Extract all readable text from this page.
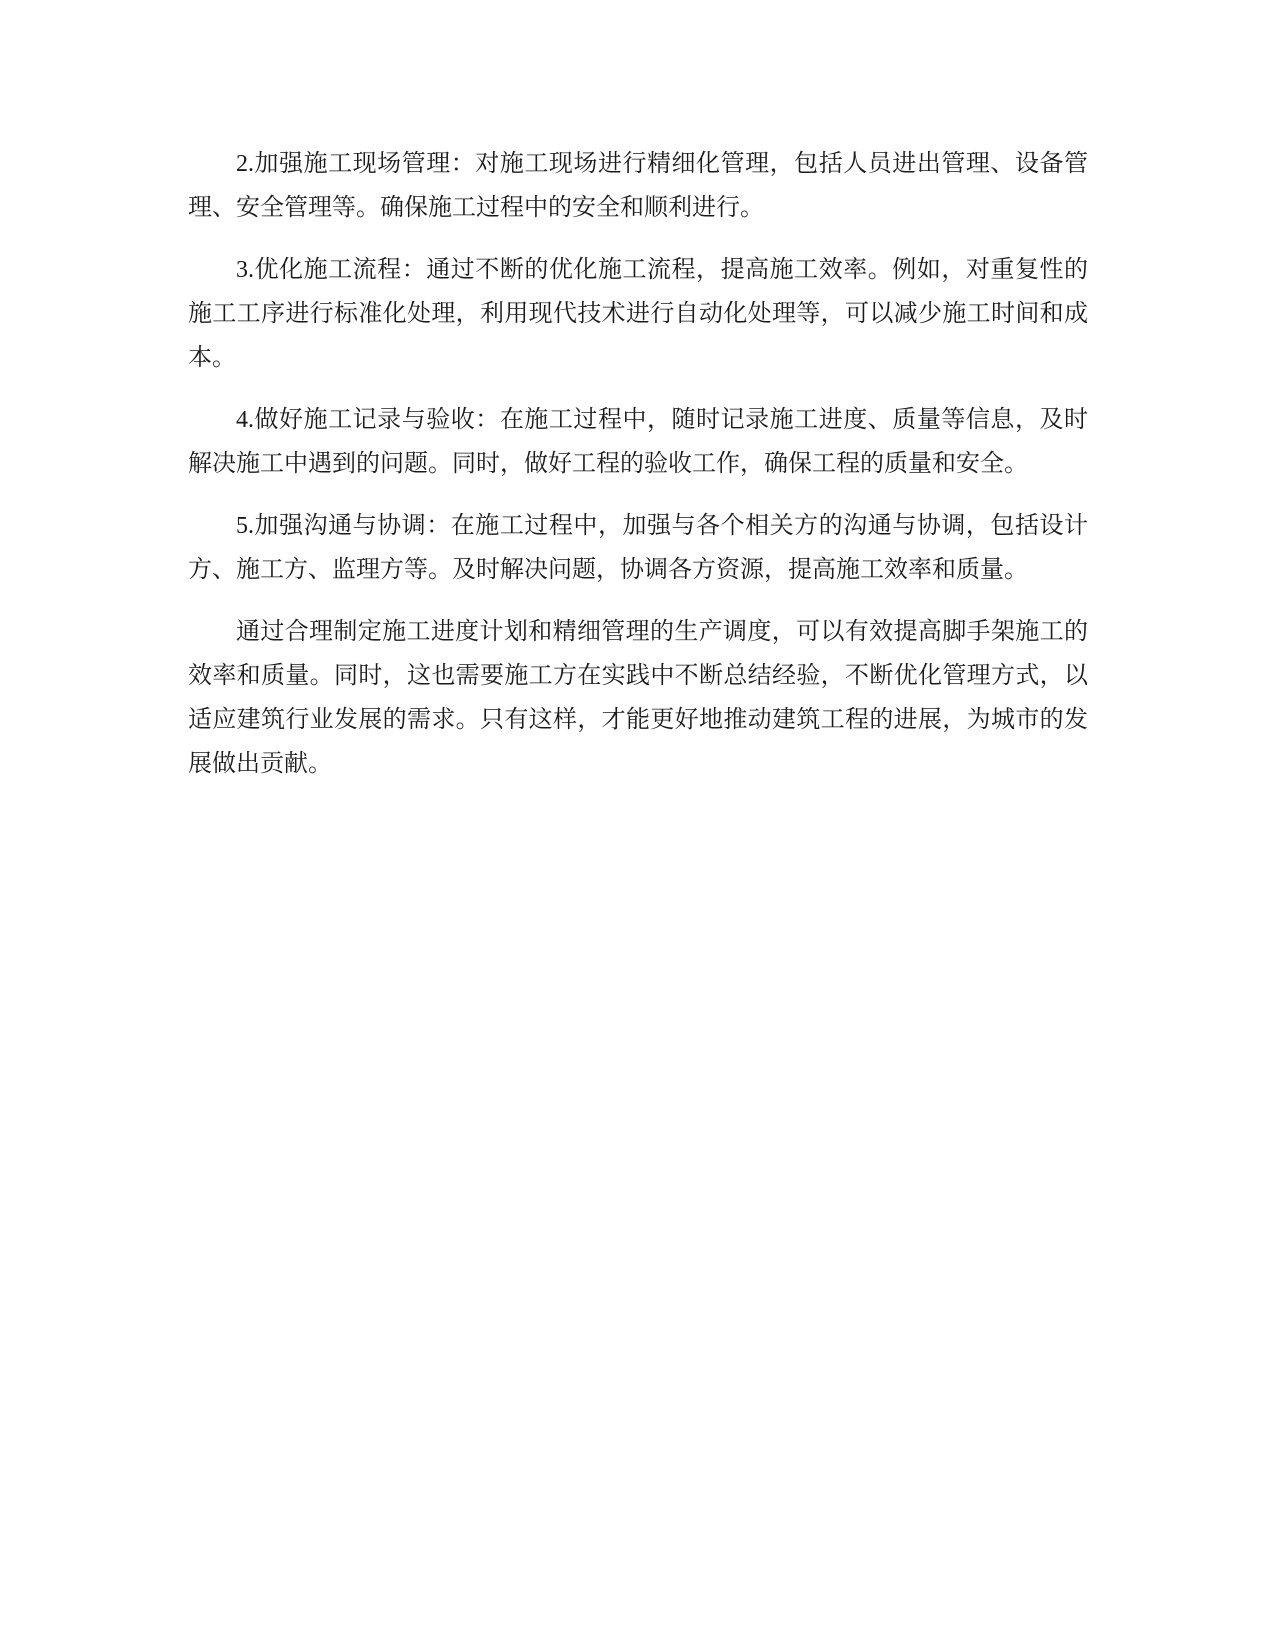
2.加强施工现场管理：对施工现场进行精细化管理，包括人员进出管理、设备管理、安全管理等。确保施工过程中的安全和顺利进行。

3.优化施工流程：通过不断的优化施工流程，提高施工效率。例如，对重复性的施工工序进行标准化处理，利用现代技术进行自动化处理等，可以减少施工时间和成本。

4.做好施工记录与验收：在施工过程中，随时记录施工进度、质量等信息，及时解决施工中遇到的问题。同时，做好工程的验收工作，确保工程的质量和安全。

5.加强沟通与协调：在施工过程中，加强与各个相关方的沟通与协调，包括设计方、施工方、监理方等。及时解决问题，协调各方资源，提高施工效率和质量。

通过合理制定施工进度计划和精细管理的生产调度，可以有效提高脚手架施工的效率和质量。同时，这也需要施工方在实践中不断总结经验，不断优化管理方式，以适应建筑行业发展的需求。只有这样，才能更好地推动建筑工程的进展，为城市的发展做出贡献。
